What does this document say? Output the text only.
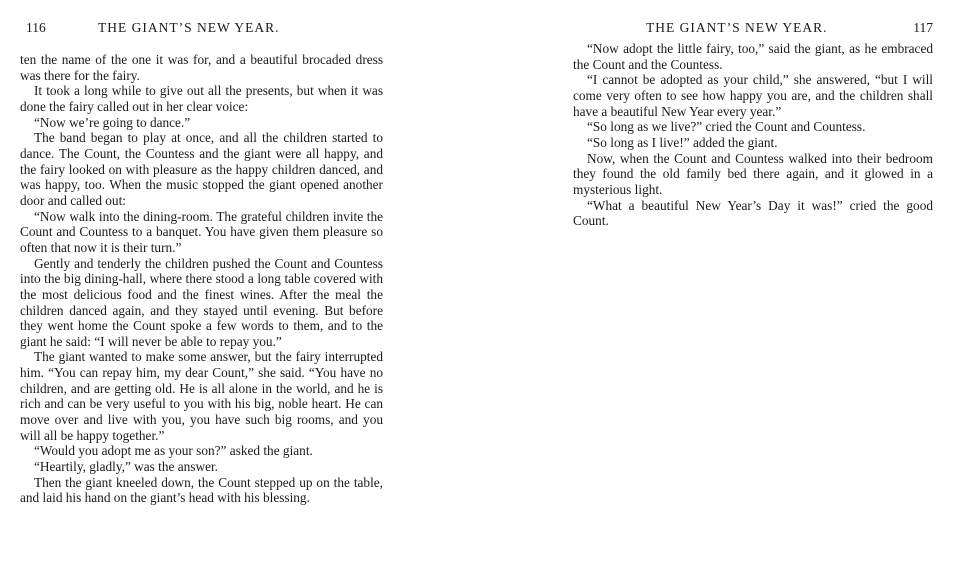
116	THE GIANT’S NEW YEAR.

ten the name of the one it was for, and a beautiful brocaded dress was there for the fairy.

It took a long while to give out all the presents, but when it was done the fairy called out in her clear voice:

“Now we’re going to dance.”

The band began to play at once, and all the children started to dance. The Count, the Countess and the giant were all happy, and the fairy looked on with pleasure as the happy children danced, and was happy, too. When the music stopped the giant opened another door and called out:

“Now walk into the dining-room. The grateful children invite the Count and Countess to a banquet. You have given them pleasure so often that now it is their turn.”

Gently and tenderly the children pushed the Count and Countess into the big dining-hall, where there stood a long table covered with the most delicious food and the finest wines. After the meal the children danced again, and they stayed until evening. But before they went home the Count spoke a few words to them, and to the giant he said: “I will never be able to repay you.”

The giant wanted to make some answer, but the fairy interrupted him. “You can repay him, my dear Count,” she said. “You have no children, and are getting old. He is all alone in the world, and he is rich and can be very useful to you with his big, noble heart. He can move over and live with you, you have such big rooms, and you will all be happy together.”

“Would you adopt me as your son?” asked the giant.

“Heartily, gladly,” was the answer.

Then the giant kneeled down, the Count stepped up on the table, and laid his hand on the giant’s head with his blessing.

THE GIANT’S NEW YEAR.	117

“Now adopt the little fairy, too,” said the giant, as he embraced the Count and the Countess.

“I cannot be adopted as your child,” she answered, “but I will come very often to see how happy you are, and the children shall have a beautiful New Year every year.”

“So long as we live?” cried the Count and Countess.

“So long as I live!” added the giant.

Now, when the Count and Countess walked into their bedroom they found the old family bed there again, and it glowed in a mysterious light.

“What a beautiful New Year’s Day it was!” cried the good Count.
